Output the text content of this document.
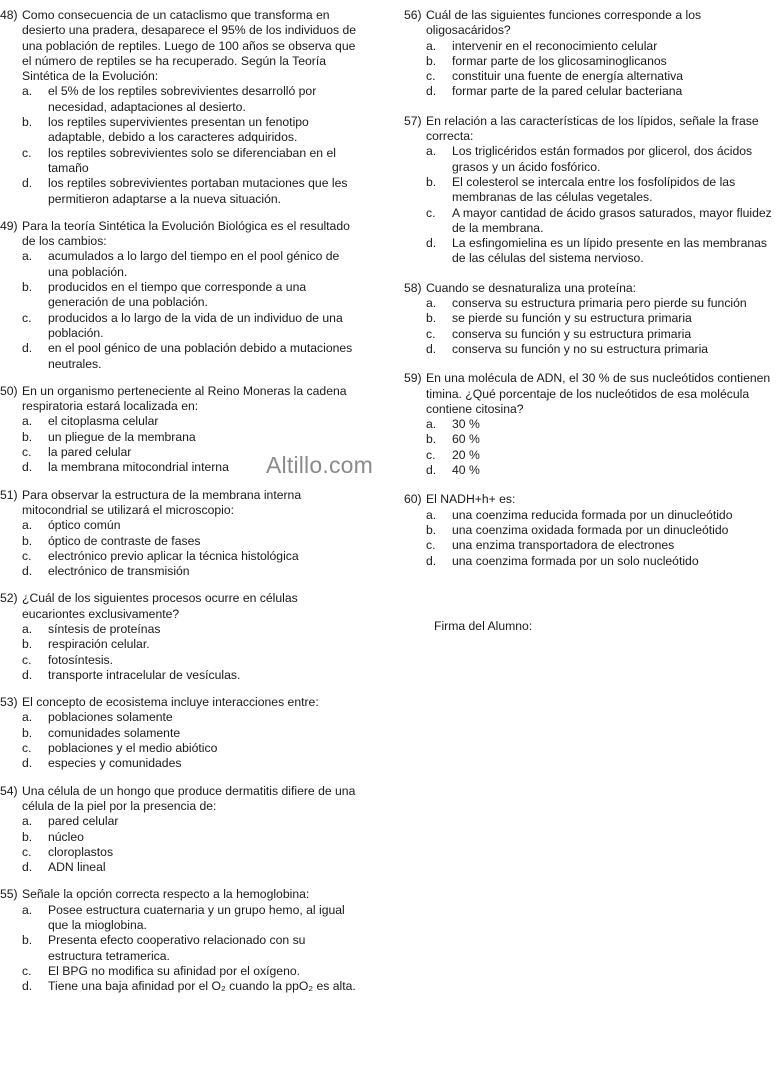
Altillo.com
48) Como consecuencia de un cataclismo que transforma en desierto una pradera, desaparece el 95% de los individuos de una población de reptiles. Luego de 100 años se observa que el número de reptiles se ha recuperado. Según la Teoría Sintética de la Evolución:
a. el 5% de los reptiles sobrevivientes desarrolló por necesidad, adaptaciones al desierto.
b. los reptiles supervivientes presentan un fenotipo adaptable, debido a los caracteres adquiridos.
c. los reptiles sobrevivientes solo se diferenciaban en el tamaño
d. los reptiles sobrevivientes portaban mutaciones que les permitieron adaptarse a la nueva situación.
49) Para la teoría Sintética la Evolución Biológica es el resultado de los cambios:
a. acumulados a lo largo del tiempo en el pool génico de una población.
b. producidos en el tiempo que corresponde a una generación de una población.
c. producidos a lo largo de la vida de un individuo de una población.
d. en el pool génico de una población debido a mutaciones neutrales.
50) En un organismo perteneciente al Reino Moneras la cadena respiratoria estará localizada en:
a. el citoplasma celular
b. un pliegue de la membrana
c. la pared celular
d. la membrana mitocondrial interna
51) Para observar la estructura de la membrana interna mitocondrial se utilizará el microscopio:
a. óptico común
b. óptico de contraste de fases
c. electrónico previo aplicar la técnica histológica
d. electrónico de transmisión
52) ¿Cuál de los siguientes procesos ocurre en células eucariontes exclusivamente?
a. síntesis de proteínas
b. respiración celular.
c. fotosíntesis.
d. transporte intracelular de vesículas.
53) El concepto de ecosistema incluye interacciones entre:
a. poblaciones solamente
b. comunidades solamente
c. poblaciones y el medio abiótico
d. especies y comunidades
54) Una célula de un hongo que produce dermatitis difiere de una célula de la piel por la presencia de:
a. pared celular
b. núcleo
c. cloroplastos
d. ADN lineal
55) Señale la opción correcta respecto a la hemoglobina:
a. Posee estructura cuaternaria y un grupo hemo, al igual que la mioglobina.
b. Presenta efecto cooperativo relacionado con su estructura tetramerica.
c. El BPG no modifica su afinidad por el oxígeno.
d. Tiene una baja afinidad por el O₂ cuando la ppO₂ es alta.
56) Cuál de las siguientes funciones corresponde a los oligosacáridos?
a. intervenir en el reconocimiento celular
b. formar parte de los glicosaminoglicanos
c. constituir una fuente de energía alternativa
d. formar parte de la pared celular bacteriana
57) En relación a las características de los lípidos, señale la frase correcta:
a. Los triglicéridos están formados por glicerol, dos ácidos grasos y un ácido fosfórico.
b. El colesterol se intercala entre los fosfolípidos de las membranas de las células vegetales.
c. A mayor cantidad de ácido grasos saturados, mayor fluidez de la membrana.
d. La esfingomielina es un lípido presente en las membranas de las células del sistema nervioso.
58) Cuando se desnaturaliza una proteína:
a. conserva su estructura primaria pero pierde su función
b. se pierde su función y su estructura primaria
c. conserva su función y su estructura primaria
d. conserva su función y no su estructura primaria
59) En una molécula de ADN, el 30 % de sus nucleótidos contienen timina. ¿Qué porcentaje de los nucleótidos de esa molécula contiene citosina?
a. 30 %
b. 60 %
c. 20 %
d. 40 %
60) El NADH+h+ es:
a. una coenzima reducida formada por un dinucleótido
b. una coenzima oxidada formada por un dinucleótido
c. una enzima transportadora de electrones
d. una coenzima formada por un solo nucleótido
Firma del Alumno:
